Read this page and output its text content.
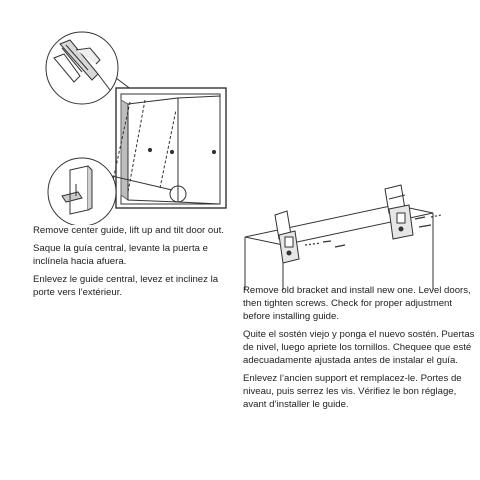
Remove center guide, lift up and tilt door out.

Saque la guía central, levante la puerta e inclínela hacia afuera.

Enlevez le guide central, levez et inclinez la porte vers l’extérieur.	Remove old bracket and install new one. Level doors, then tighten screws. Check for proper adjustment before installing guide.

Quite el sostén viejo y ponga el nuevo sostén. Puertas de nivel, luego apriete los tornillos. Chequee que esté adecuadamente ajustada antes de instalar el guía.

Enlevez l’ancien support et remplacez-le. Portes de niveau, puis serrez les vis. Vérifiez le bon réglage, avant d’installer le guide.
